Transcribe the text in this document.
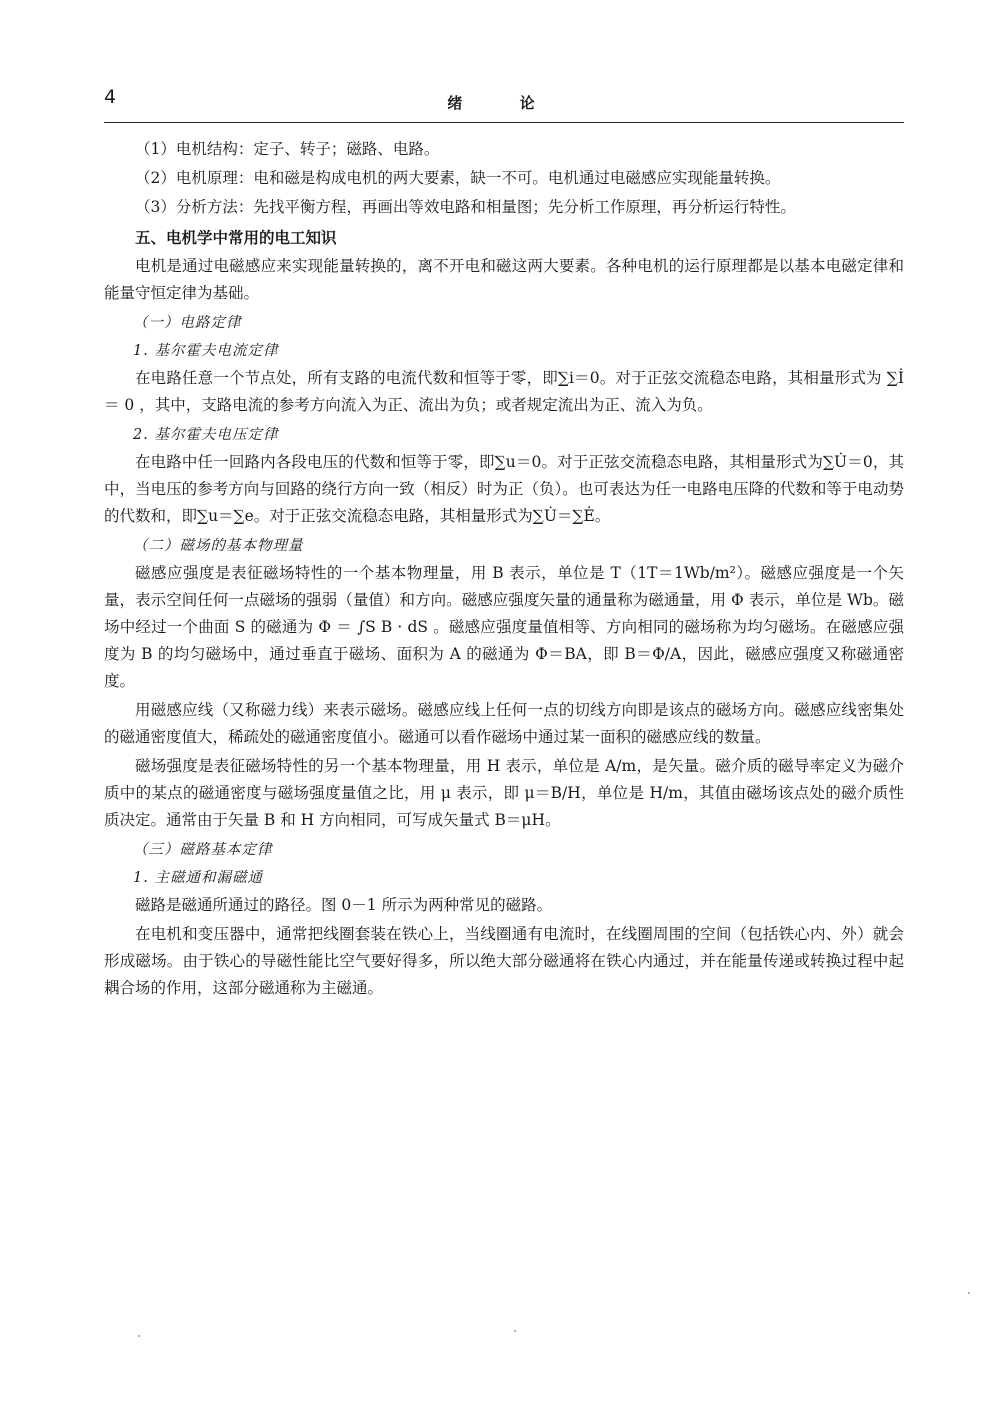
4	绪 论

（1）电机结构：定子、转子；磁路、电路。

（2）电机原理：电和磁是构成电机的两大要素，缺一不可。电机通过电磁感应实现能量转换。

（3）分析方法：先找平衡方程，再画出等效电路和相量图；先分析工作原理，再分析运行特性。

五、电机学中常用的电工知识

电机是通过电磁感应来实现能量转换的，离不开电和磁这两大要素。各种电机的运行原理都是以基本电磁定律和能量守恒定律为基础。

（一）电路定律
1. 基尔霍夫电流定律

在电路任意一个节点处，所有支路的电流代数和恒等于零，即∑i＝0。对于正弦交流稳态电路，其相量形式为 ∑İ ＝ 0 ，其中，支路电流的参考方向流入为正、流出为负；或者规定流出为正、流入为负。

2. 基尔霍夫电压定律

在电路中任一回路内各段电压的代数和恒等于零，即∑u＝0。对于正弦交流稳态电路，其相量形式为∑U̇＝0，其中，当电压的参考方向与回路的绕行方向一致（相反）时为正（负）。也可表达为任一电路电压降的代数和等于电动势的代数和，即∑u＝∑e。对于正弦交流稳态电路，其相量形式为∑U̇＝∑Ė。

（二）磁场的基本物理量

磁感应强度是表征磁场特性的一个基本物理量，用 B 表示，单位是 T（1T＝1Wb/m²）。磁感应强度是一个矢量，表示空间任何一点磁场的强弱（量值）和方向。磁感应强度矢量的通量称为磁通量，用 Φ 表示，单位是 Wb。磁场中经过一个曲面 S 的磁通为 Φ ＝ ∫S B · dS 。磁感应强度量值相等、方向相同的磁场称为均匀磁场。在磁感应强度为 B 的均匀磁场中，通过垂直于磁场、面积为 A 的磁通为 Φ＝BA，即 B＝Φ/A，因此，磁感应强度又称磁通密度。

用磁感应线（又称磁力线）来表示磁场。磁感应线上任何一点的切线方向即是该点的磁场方向。磁感应线密集处的磁通密度值大，稀疏处的磁通密度值小。磁通可以看作磁场中通过某一面积的磁感应线的数量。

磁场强度是表征磁场特性的另一个基本物理量，用 H 表示，单位是 A/m，是矢量。磁介质的磁导率定义为磁介质中的某点的磁通密度与磁场强度量值之比，用 μ 表示，即 μ＝B/H，单位是 H/m，其值由磁场该点处的磁介质性质决定。通常由于矢量 B 和 H 方向相同，可写成矢量式 B＝μH。

（三）磁路基本定律
1. 主磁通和漏磁通

磁路是磁通所通过的路径。图 0－1 所示为两种常见的磁路。

在电机和变压器中，通常把线圈套装在铁心上，当线圈通有电流时，在线圈周围的空间（包括铁心内、外）就会形成磁场。由于铁心的导磁性能比空气要好得多，所以绝大部分磁通将在铁心内通过，并在能量传递或转换过程中起耦合场的作用，这部分磁通称为主磁通。
